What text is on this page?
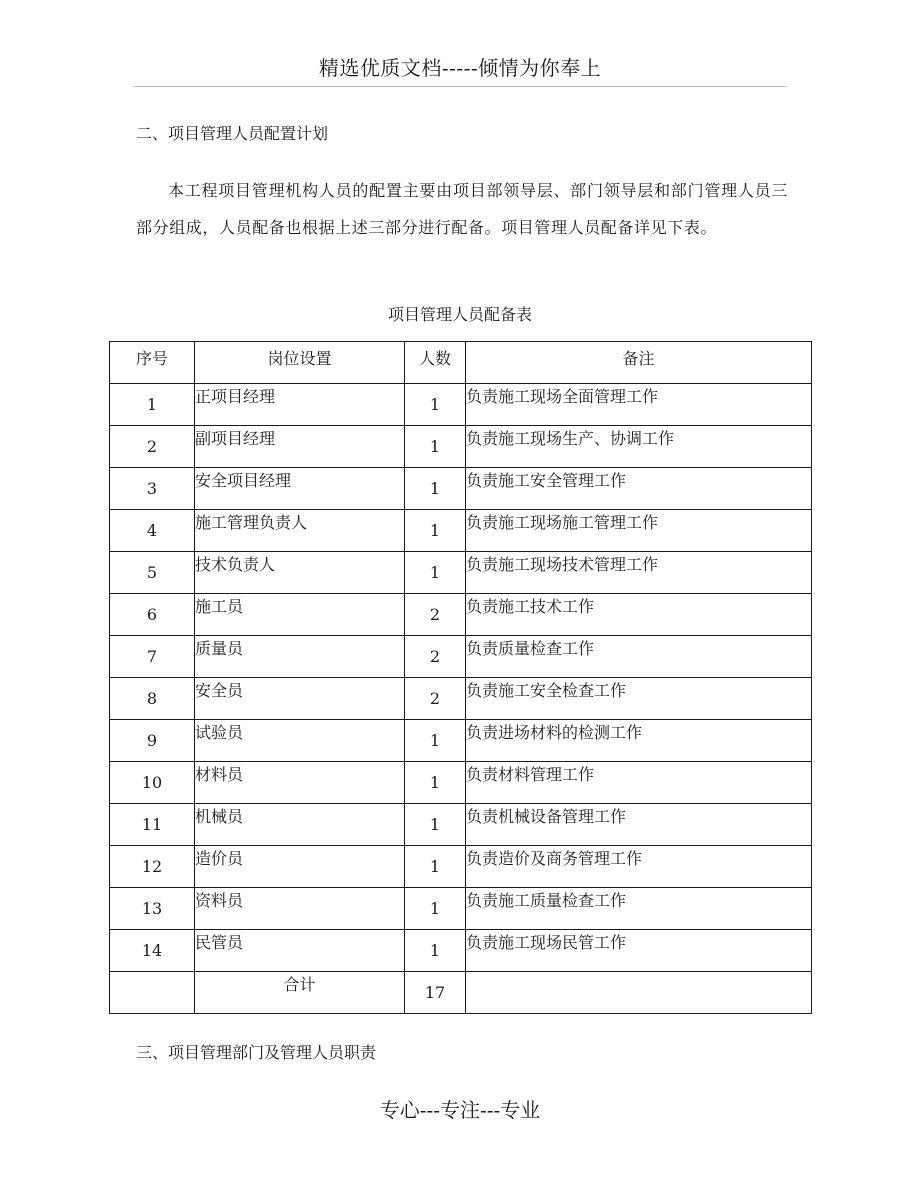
精选优质文档-----倾情为你奉上
二、项目管理人员配置计划

本工程项目管理机构人员的配置主要由项目部领导层、部门领导层和部门管理人员三部分组成，人员配备也根据上述三部分进行配备。项目管理人员配备详见下表。

项目管理人员配备表
序号	岗位设置	人数	备注
1	正项目经理	1	负责施工现场全面管理工作
2	副项目经理	1	负责施工现场生产、协调工作
3	安全项目经理	1	负责施工安全管理工作
4	施工管理负责人	1	负责施工现场施工管理工作
5	技术负责人	1	负责施工现场技术管理工作
6	施工员	2	负责施工技术工作
7	质量员	2	负责质量检查工作
8	安全员	2	负责施工安全检查工作
9	试验员	1	负责进场材料的检测工作
10	材料员	1	负责材料管理工作
11	机械员	1	负责机械设备管理工作
12	造价员	1	负责造价及商务管理工作
13	资料员	1	负责施工质量检查工作
14	民管员	1	负责施工现场民管工作
	合计	17	
三、项目管理部门及管理人员职责
专心---专注---专业
